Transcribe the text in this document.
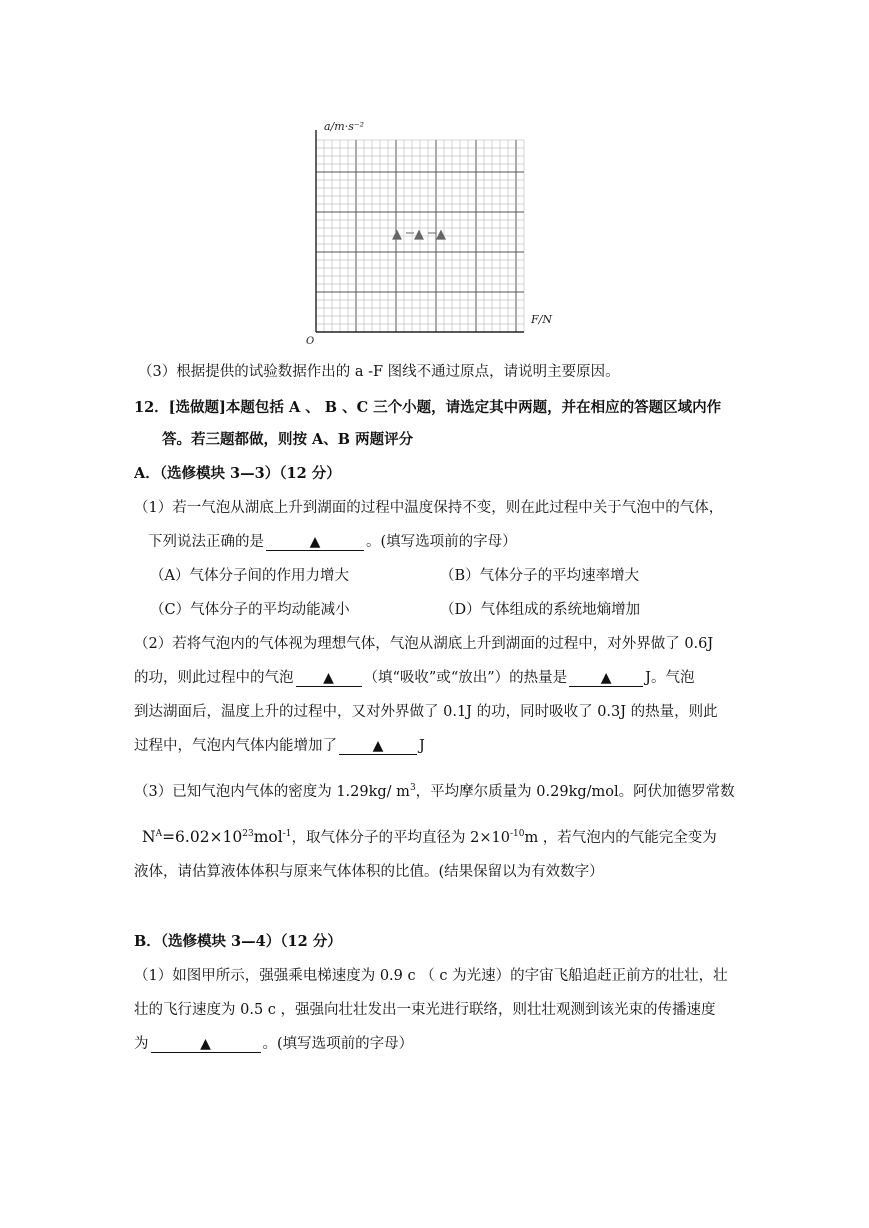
a/m·s⁻²
F/N
O
▲ ▲ ▲
（3）根据提供的试验数据作出的 a -F 图线不通过原点，请说明主要原因。
12．[选做题]本题包括 A 、 B 、C 三个小题，请选定其中两题，并在相应的答题区域内作
答。若三题都做，则按 A、B 两题评分
A．（选修模块 3—3）（12 分）
（1）若一气泡从湖底上升到湖面的过程中温度保持不变，则在此过程中关于气泡中的气体，
下列说法正确的是	▲	。(填写选项前的字母）
（A）气体分子间的作用力增大	（B）气体分子的平均速率增大
（C）气体分子的平均动能减小	（D）气体组成的系统地熵增加
（2）若将气泡内的气体视为理想气体，气泡从湖底上升到湖面的过程中，对外界做了 0.6J
的功，则此过程中的气泡 ▲ （填“吸收”或“放出”）的热量是 ▲ J。气泡
到达湖面后，温度上升的过程中，又对外界做了 0.1J 的功，同时吸收了 0.3J 的热量，则此
过程中，气泡内气体内能增加了	▲ J
（3）已知气泡内气体的密度为 1.29kg/ $m^3$，平均摩尔质量为 0.29kg/mol。阿伏加德罗常数
$N^A=6.02\times 10^{23}mol^{-1}$，取气体分子的平均直径为 $2\times 10^{-10}m$ ，若气泡内的气能完全变为
液体，请估算液体体积与原来气体体积的比值。(结果保留以为有效数字）
B．（选修模块 3—4）（12 分）
（1）如图甲所示，强强乘电梯速度为 0.9 c （ c 为光速）的宇宙飞船追赶正前方的壮壮，壮
壮的飞行速度为 0.5 c ，强强向壮壮发出一束光进行联络，则壮壮观测到该光束的传播速度
为	▲	。(填写选项前的字母）
